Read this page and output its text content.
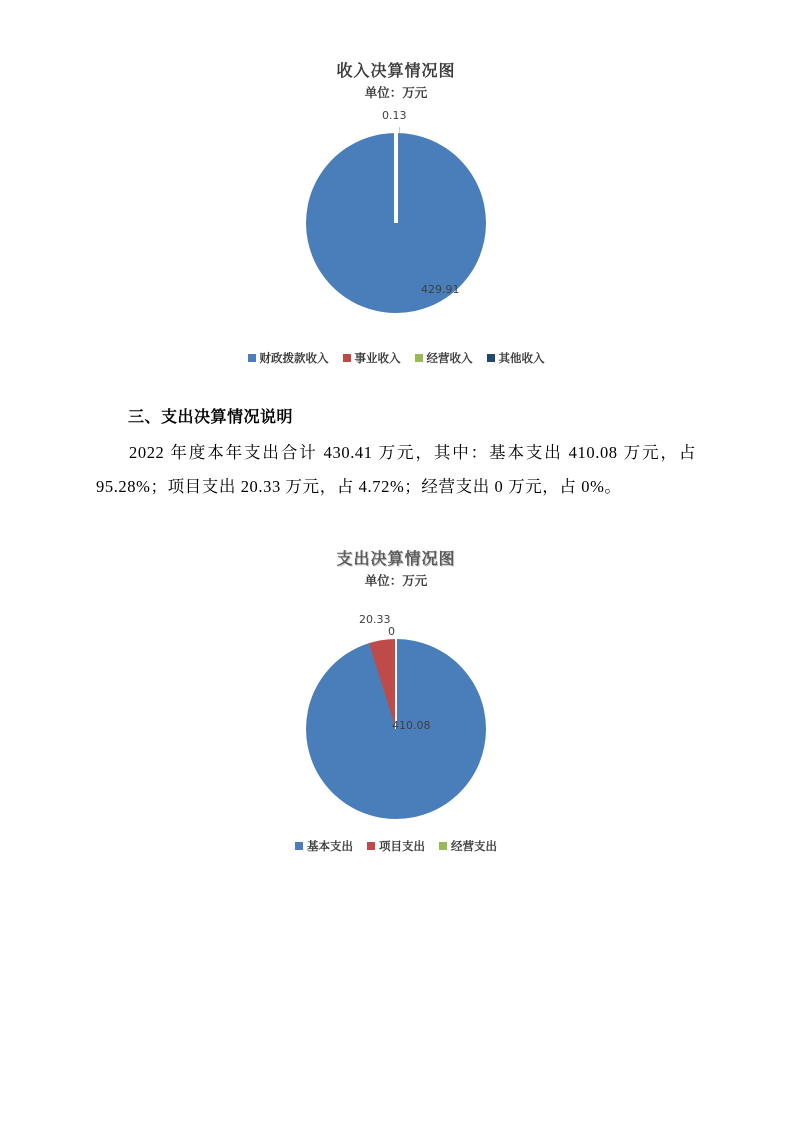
收入决算情况图
单位：万元
0.13
429.91
财政拨款收入 事业收入 经营收入 其他收入
三、支出决算情况说明

2022 年度本年支出合计 430.41 万元，其中：基本支出 410.08 万元，占 95.28%；项目支出 20.33 万元，占 4.72%；经营支出 0 万元，占 0%。

支出决算情况图
单位：万元
20.33
0
410.08
基本支出 项目支出 经营支出
